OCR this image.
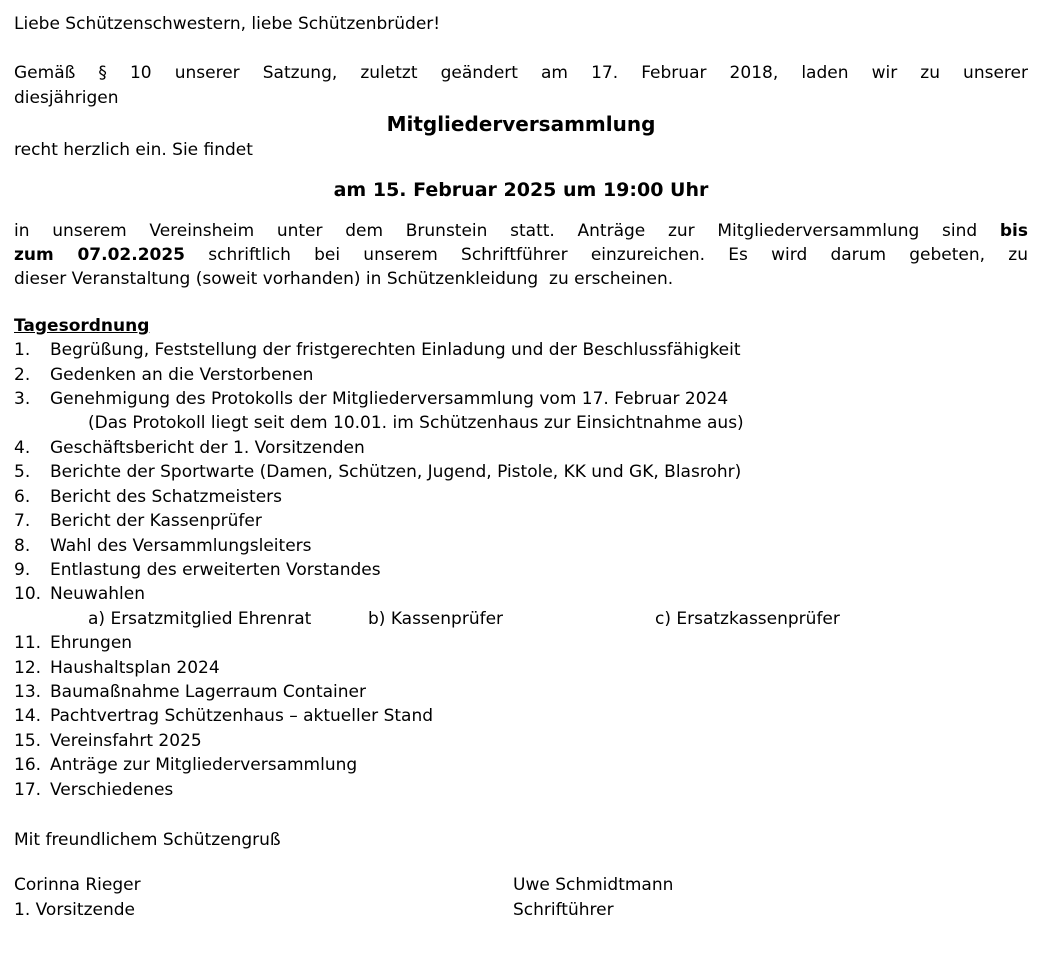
Liebe Schützenschwestern, liebe Schützenbrüder!
Gemäß § 10 unserer Satzung, zuletzt geändert am 17. Februar 2018, laden wir zu unserer
diesjährigen
Mitgliederversammlung
recht herzlich ein. Sie findet
am 15. Februar 2025 um 19:00 Uhr
in unserem Vereinsheim unter dem Brunstein statt. Anträge zur Mitgliederversammlung sind bis
zum 07.02.2025 schriftlich bei unserem Schriftführer einzureichen. Es wird darum gebeten, zu
dieser Veranstaltung (soweit vorhanden) in Schützenkleidung  zu erscheinen.
Tagesordnung
1.	Begrüßung, Feststellung der fristgerechten Einladung und der Beschlussfähigkeit
2.	Gedenken an die Verstorbenen
3.	Genehmigung des Protokolls der Mitgliederversammlung vom 17. Februar 2024
(Das Protokoll liegt seit dem 10.01. im Schützenhaus zur Einsichtnahme aus)
4.	Geschäftsbericht der 1. Vorsitzenden
5.	Berichte der Sportwarte (Damen, Schützen, Jugend, Pistole, KK und GK, Blasrohr)
6.	Bericht des Schatzmeisters
7.	Bericht der Kassenprüfer
8.	Wahl des Versammlungsleiters
9.	Entlastung des erweiterten Vorstandes
10. Neuwahlen
a) Ersatzmitglied Ehrenrat	b) Kassenprüfer	c) Ersatzkassenprüfer
11. Ehrungen
12. Haushaltsplan 2024
13. Baumaßnahme Lagerraum Container
14. Pachtvertrag Schützenhaus – aktueller Stand
15. Vereinsfahrt 2025
16. Anträge zur Mitgliederversammlung
17. Verschiedenes
Mit freundlichem Schützengruß
Corinna Rieger
1. Vorsitzende
Uwe Schmidtmann
Schriftührer
